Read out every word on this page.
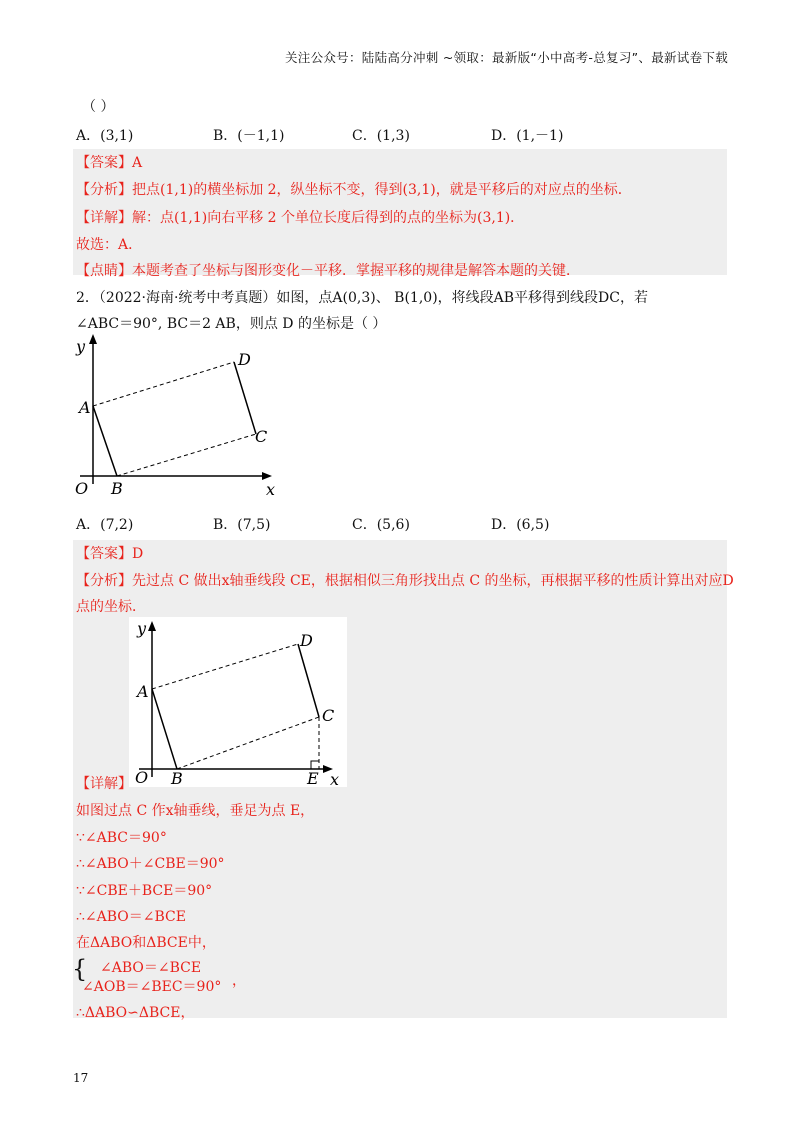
关注公众号：陆陆高分冲刺 ~领取：最新版“小中高考-总复习”、最新试卷下载
（ ）
A．(3,1)	B．(－1,1)	C．(1,3)	D．(1,－1)
【答案】A
【分析】把点(1,1)的横坐标加 2，纵坐标不变，得到(3,1)，就是平移后的对应点的坐标．
【详解】解：点(1,1)向右平移 2 个单位长度后得到的点的坐标为(3,1)．
故选：A．
【点睛】本题考查了坐标与图形变化－平移．掌握平移的规律是解答本题的关键．
2．（2022·海南·统考中考真题）如图，点A(0,3)、 B(1,0)，将线段AB平移得到线段DC，若
∠ABC＝90°, BC＝2 AB，则点 D 的坐标是（ ）
y
x
O
A
B
C
D
A．(7,2)	B．(7,5)	C．(5,6)	D．(6,5)
【答案】D
【分析】先过点 C 做出x轴垂线段 CE，根据相似三角形找出点 C 的坐标，再根据平移的性质计算出对应D
点的坐标．
y
x
O
A
B
C
D
E
【详解】
如图过点 C 作x轴垂线，垂足为点 E，
∵∠ABC＝90°
∴∠ABO＋∠CBE＝90°
∵∠CBE＋BCE＝90°
∴∠ABO＝∠BCE
在ΔABO和ΔBCE中，
{ ∠ABO＝∠BCE
∠AOB＝∠BEC＝90° ，
∴ΔABO∽ΔBCE，
17
